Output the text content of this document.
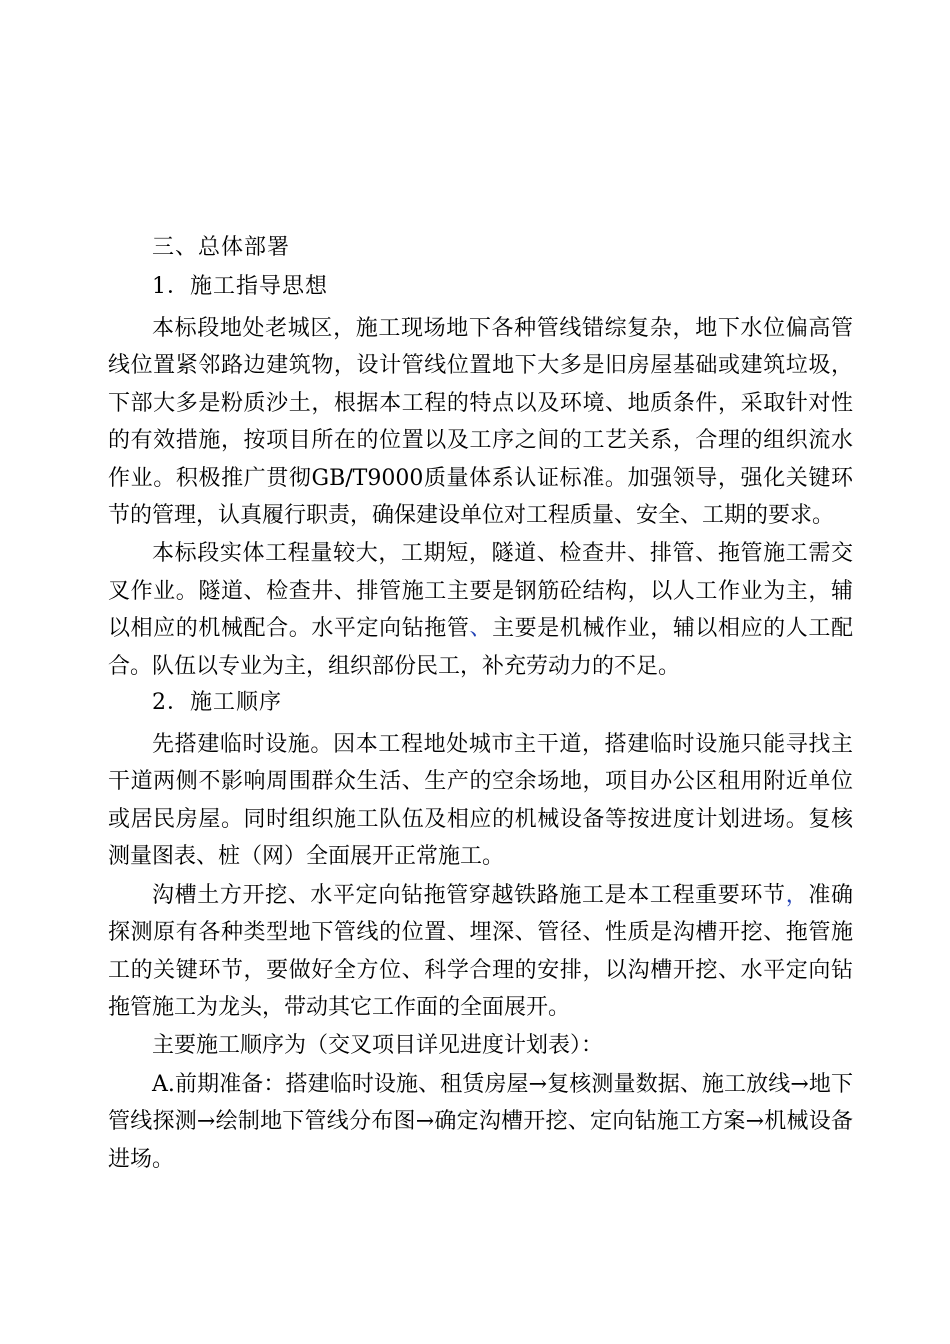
三、总体部署
1．施工指导思想

本标段地处老城区，施工现场地下各种管线错综复杂，地下水位偏高管线位置紧邻路边建筑物，设计管线位置地下大多是旧房屋基础或建筑垃圾，下部大多是粉质沙土，根据本工程的特点以及环境、地质条件，采取针对性的有效措施，按项目所在的位置以及工序之间的工艺关系，合理的组织流水作业。积极推广贯彻GB/T9000质量体系认证标准。加强领导，强化关键环节的管理，认真履行职责，确保建设单位对工程质量、安全、工期的要求。

本标段实体工程量较大，工期短，隧道、检查井、排管、拖管施工需交叉作业。隧道、检查井、排管施工主要是钢筋砼结构，以人工作业为主，辅以相应的机械配合。水平定向钻拖管、主要是机械作业，辅以相应的人工配合。队伍以专业为主，组织部份民工，补充劳动力的不足。

2．施工顺序

先搭建临时设施。因本工程地处城市主干道，搭建临时设施只能寻找主干道两侧不影响周围群众生活、生产的空余场地，项目办公区租用附近单位或居民房屋。同时组织施工队伍及相应的机械设备等按进度计划进场。复核测量图表、桩（网）全面展开正常施工。

沟槽土方开挖、水平定向钻拖管穿越铁路施工是本工程重要环节，准确探测原有各种类型地下管线的位置、埋深、管径、性质是沟槽开挖、拖管施工的关键环节，要做好全方位、科学合理的安排，以沟槽开挖、水平定向钻拖管施工为龙头，带动其它工作面的全面展开。

主要施工顺序为（交叉项目详见进度计划表）：

A.前期准备：搭建临时设施、租赁房屋→复核测量数据、施工放线→地下管线探测→绘制地下管线分布图→确定沟槽开挖、定向钻施工方案→机械设备进场。
